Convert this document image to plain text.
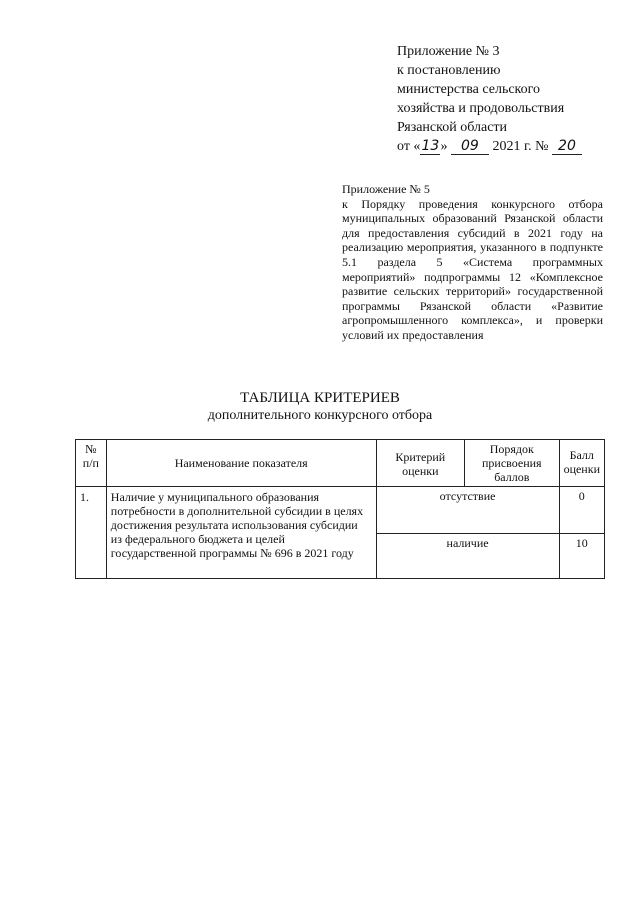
Приложение № 3
к постановлению
министерства сельского
хозяйства и продовольствия
Рязанской области
от «13» 09 2021 г. № 20
Приложение № 5
к Порядку проведения конкурсного отбора муниципальных образований Рязанской области для предоставления субсидий в 2021 году на реализацию мероприятия, указанного в подпункте 5.1 раздела 5 «Система программных мероприятий» подпрограммы 12 «Комплексное развитие сельских территорий» государственной программы Рязанской области «Развитие агропромышленного комплекса», и проверки условий их предоставления
ТАБЛИЦА КРИТЕРИЕВ
дополнительного конкурсного отбора
№ п/п	Наименование показателя	Критерий оценки	Порядок присвоения баллов	Балл оценки
1.	Наличие у муниципального образования потребности в дополнительной субсидии в целях достижения результата использования субсидии из федерального бюджета и целей государственной программы № 696 в 2021 году	отсутствие		0
		наличие		10
